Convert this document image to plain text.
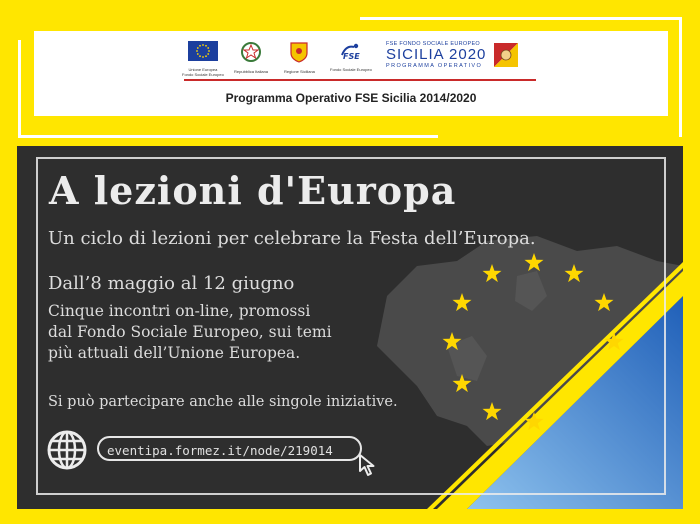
Unione Europea
Fondo Sociale Europeo
Repubblica Italiana	Regione Siciliana
FSE
Fondo Sociale Europeo
FSE FONDO SOCIALE EUROPEO
SICILIA 2020
PROGRAMMA OPERATIVO
Programma Operativo FSE Sicilia 2014/2020
A lezioni d'Europa
Un ciclo di lezioni per celebrare la Festa dell’Europa.
Dall’8 maggio al 12 giugno
Cinque incontri on-line, promossi
dal Fondo Sociale Europeo, sui temi
più attuali dell’Unione Europea.
Si può partecipare anche alle singole iniziative.
eventipa.formez.it/node/219014
